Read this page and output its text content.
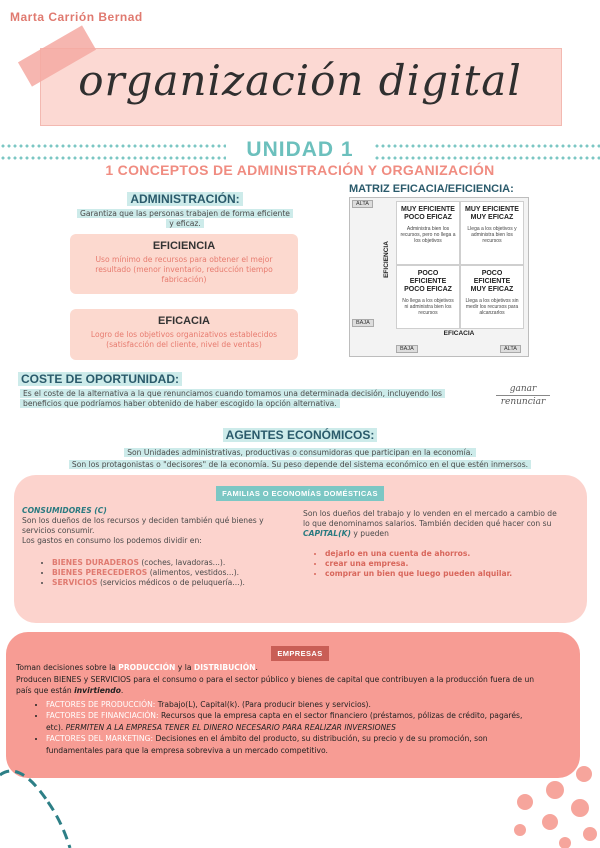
Marta Carrión Bernad
organización digital
UNIDAD 1
1 CONCEPTOS DE ADMINISTRACIÓN Y ORGANIZACIÓN
ADMINISTRACIÓN:
Garantiza que las personas trabajen de forma eficiente
y eficaz.
EFICIENCIA
Uso mínimo de recursos para obtener el mejor
resultado (menor inventario, reducción tiempo
fabricación)
EFICACIA
Logro de los objetivos organizativos establecidos
(satisfacción del cliente, nivel de ventas)
MATRIZ EFICACIA/EFICIENCIA:
ALTA
BAJA
EFICIENCIA
MUY EFICIENTE
POCO EFICAZ
Administra bien los recursos, pero no llega a los objetivos
MUY EFICIENTE
MUY EFICAZ
Llega a los objetivos y administra bien los recursos
POCO
EFICIENTE
POCO EFICAZ
No llega a los objetivos ni administra bien los recursos
POCO
EFICIENTE
MUY EFICAZ
Llega a los objetivos sin medir los recursos para alcanzarlos
EFICACIA
BAJA	ALTA
COSTE DE OPORTUNIDAD:
Es el coste de la alternativa a la que renunciamos cuando tomamos una determinada decisión, incluyendo los
beneficios que podríamos haber obtenido de haber escogido la opción alternativa.
ganar
renunciar
AGENTES ECONÓMICOS:
Son Unidades administrativas, productivas o consumidoras que participan en la economía.
Son los protagonistas o "decisores" de la economía. Su peso depende del sistema económico en el que estén inmersos.
FAMILIAS O ECONOMÍAS DOMÉSTICAS
CONSUMIDORES (C)
Son los dueños de los recursos y deciden también qué bienes y
servicios consumir.
Los gastos en consumo los podemos dividir en:
• BIENES DURADEROS (coches, lavadoras...).
• BIENES PERECEDEROS (alimentos, vestidos...).
• SERVICIOS (servicios médicos o de peluquería...).
Son los dueños del trabajo y lo venden en el mercado a cambio de
lo que denominamos salarios. También deciden qué hacer con su
CAPITAL(K) y pueden
• dejarlo en una cuenta de ahorros.
• crear una empresa.
• comprar un bien que luego pueden alquilar.
EMPRESAS
Toman decisiones sobre la PRODUCCIÓN y la DISTRIBUCIÓN.
Producen BIENES y SERVICIOS para el consumo o para el sector público y bienes de capital que contribuyen a la producción fuera de un
país que están invirtiendo.
• FACTORES DE PRODUCCIÓN: Trabajo(L), Capital(k). (Para producir bienes y servicios).
• FACTORES DE FINANCIACIÓN: Recursos que la empresa capta en el sector financiero (préstamos, pólizas de crédito, pagarés,
etc). PERMITEN A LA EMPRESA TENER EL DINERO NECESARIO PARA REALIZAR INVERSIONES
• FACTORES DEL MARKETING: Decisiones en el ámbito del producto, su distribución, su precio y de su promoción, son
fundamentales para que la empresa sobreviva a un mercado competitivo.
